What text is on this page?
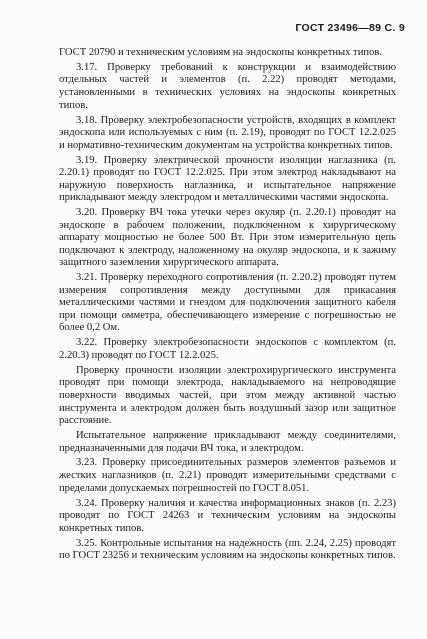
ГОСТ 23496—89 С. 9

ГОСТ 20790 и техническим условиям на эндоскопы конкретных типов.

3.17. Проверку требований к конструкции и взаимодействию отдельных частей и элементов (п. 2.22) проводят методами, установленными в технических условиях на эндоскопы конкретных типов.

3.18. Проверку электробезопасности устройств, входящих в комплект эндоскопа или используемых с ним (п. 2.19), проводят по ГОСТ 12.2.025 и нормативно-техническим документам на устройства конкретных типов.

3.19. Проверку электрической прочности изоляции наглазника (п. 2.20.1) проводят по ГОСТ 12.2.025. При этом электрод накладывают на наружную поверхность наглазника, и испытательное напряжение прикладывают между электродом и металлическими частями эндоскопа.

3.20. Проверку ВЧ тока утечки через окуляр (п. 2.20.1) проводят на эндоскопе в рабочем положении, подключенном к хирургическому аппарату мощностью не более 500 Вт. При этом измерительную цепь подключают к электроду, наложенному на окуляр эндоскопа, и к зажиму защитного заземления хирургического аппарата.

3.21. Проверку переходного сопротивления (п. 2.20.2) проводят путем измерения сопротивления между доступными для прикасания металлическими частями и гнездом для подключения защитного кабеля при помощи омметра, обеспечивающего измерение с погрешностью не более 0,2 Ом.

3.22. Проверку электробезопасности эндоскопов с комплектом (п. 2.20.3) проводят по ГОСТ 12.2.025.

Проверку прочности изоляции электрохирургического инструмента проводят при помощи электрода, накладываемого на непроводящие поверхности вводимых частей, при этом между активной частью инструмента и электродом должен быть воздушный зазор или защитное расстояние.

Испытательное напряжение прикладывают между соединителями, предназначенными для подачи ВЧ тока, и электродом.

3.23. Проверку присоединительных размеров элементов разъемов и жестких наглазников (п. 2.21) проводят измерительными средствами с пределами допускаемых погрешностей по ГОСТ 8.051.

3.24. Проверку наличия и качества информационных знаков (п. 2.23) проводят по ГОСТ 24263 и техническим условиям на эндоскопы конкретных типов.

3.25. Контрольные испытания на надежность (пп. 2.24, 2.25) проводят по ГОСТ 23256 и техническим условиям на эндоскопы конкретных типов.
